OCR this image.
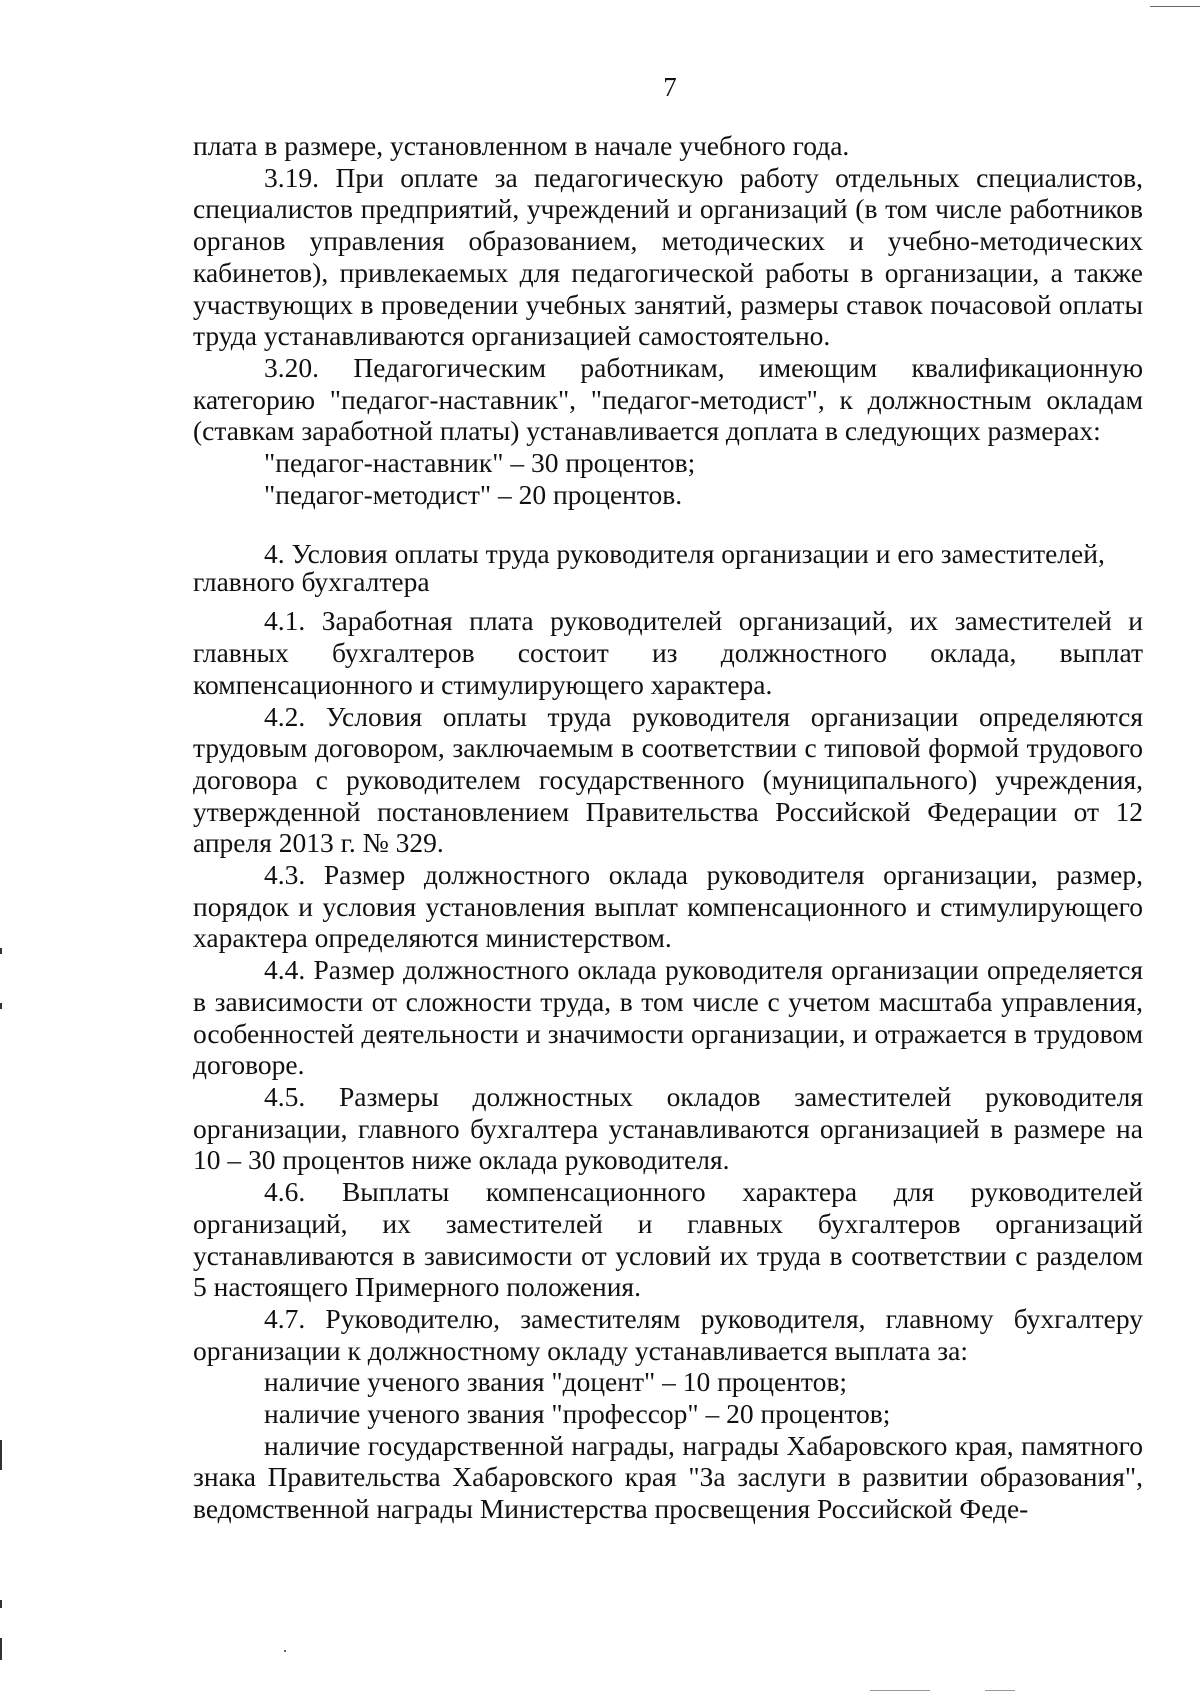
7

плата в размере, установленном в начале учебного года.

3.19. При оплате за педагогическую работу отдельных специалистов, специалистов предприятий, учреждений и организаций (в том числе работников органов управления образованием, методических и учебно-методических кабинетов), привлекаемых для педагогической работы в организации, а также участвующих в проведении учебных занятий, размеры ставок почасовой оплаты труда устанавливаются организацией самостоятельно.

3.20. Педагогическим работникам, имеющим квалификационную категорию "педагог-наставник", "педагог-методист", к должностным окладам (ставкам заработной платы) устанавливается доплата в следующих размерах:

"педагог-наставник" – 30 процентов;

"педагог-методист" – 20 процентов.

4. Условия оплаты труда руководителя организации и его заместителей, главного бухгалтера

4.1. Заработная плата руководителей организаций, их заместителей и главных бухгалтеров состоит из должностного оклада, выплат компенсационного и стимулирующего характера.

4.2. Условия оплаты труда руководителя организации определяются трудовым договором, заключаемым в соответствии с типовой формой трудового договора с руководителем государственного (муниципального) учреждения, утвержденной постановлением Правительства Российской Федерации от 12 апреля 2013 г. № 329.

4.3. Размер должностного оклада руководителя организации, размер, порядок и условия установления выплат компенсационного и стимулирующего характера определяются министерством.

4.4. Размер должностного оклада руководителя организации определяется в зависимости от сложности труда, в том числе с учетом масштаба управления, особенностей деятельности и значимости организации, и отражается в трудовом договоре.

4.5. Размеры должностных окладов заместителей руководителя организации, главного бухгалтера устанавливаются организацией в размере на 10 – 30 процентов ниже оклада руководителя.

4.6. Выплаты компенсационного характера для руководителей организаций, их заместителей и главных бухгалтеров организаций устанавливаются в зависимости от условий их труда в соответствии с разделом 5 настоящего Примерного положения.

4.7. Руководителю, заместителям руководителя, главному бухгалтеру организации к должностному окладу устанавливается выплата за:

наличие ученого звания "доцент" – 10 процентов;

наличие ученого звания "профессор" – 20 процентов;

наличие государственной награды, награды Хабаровского края, памятного знака Правительства Хабаровского края "За заслуги в развитии образования", ведомственной награды Министерства просвещения Российской Феде-
